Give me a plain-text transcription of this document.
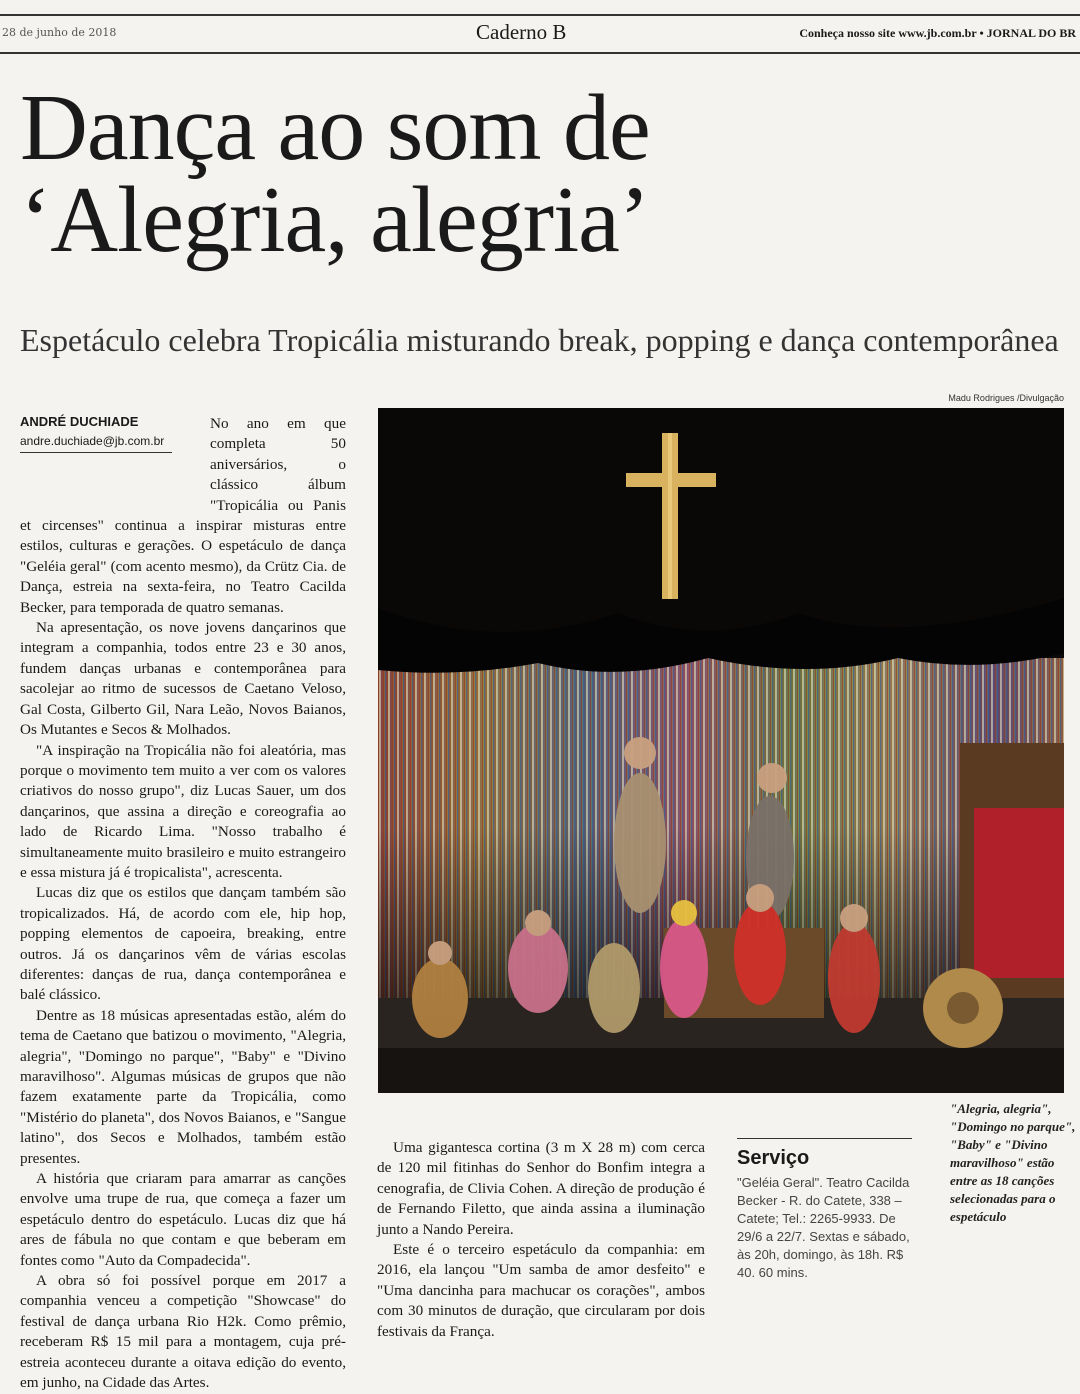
28 de junho de 2018	Caderno B	Conheça nosso site www.jb.com.br • JORNAL DO BR
Dança ao som de
‘Alegria, alegria’
Espetáculo celebra Tropicália misturando break, popping e dança contemporânea
Madu Rodrigues /Divulgação

No ano em que completa 50 aniversários, o clássico álbum "Tropicália ou Panis et circenses" continua a inspirar misturas entre estilos, culturas e gerações. O espetáculo de dança "Geléia geral" (com acento mesmo), da Crütz Cia. de Dança, estreia na sexta-feira, no Teatro Cacilda Becker, para temporada de quatro semanas.

Na apresentação, os nove jovens dançarinos que integram a companhia, todos entre 23 e 30 anos, fundem danças urbanas e contemporânea para sacolejar ao ritmo de sucessos de Caetano Veloso, Gal Costa, Gilberto Gil, Nara Leão, Novos Baianos, Os Mutantes e Secos & Molhados.

"A inspiração na Tropicália não foi aleatória, mas porque o movimento tem muito a ver com os valores criativos do nosso grupo", diz Lucas Sauer, um dos dançarinos, que assina a direção e coreografia ao lado de Ricardo Lima. "Nosso trabalho é simultaneamente muito brasileiro e muito estrangeiro e essa mistura já é tropicalista", acrescenta.

Lucas diz que os estilos que dançam também são tropicalizados. Há, de acordo com ele, hip hop, popping elementos de capoeira, breaking, entre outros. Já os dançarinos vêm de várias escolas diferentes: danças de rua, dança contemporânea e balé clássico.

Dentre as 18 músicas apresentadas estão, além do tema de Caetano que batizou o movimento, "Alegria, alegria", "Domingo no parque", "Baby" e "Divino maravilhoso". Algumas músicas de grupos que não fazem exatamente parte da Tropicália, como "Mistério do planeta", dos Novos Baianos, e "Sangue latino", dos Secos e Molhados, também estão presentes.

A história que criaram para amarrar as canções envolve uma trupe de rua, que começa a fazer um espetáculo dentro do espetáculo. Lucas diz que há ares de fábula no que contam e que beberam em fontes como "Auto da Compadecida".

A obra só foi possível porque em 2017 a companhia venceu a competição "Showcase" do festival de dança urbana Rio H2k. Como prêmio, receberam R$ 15 mil para a montagem, cuja pré-estreia aconteceu durante a oitava edição do evento, em junho, na Cidade das Artes.

ANDRÉ DUCHIADE
andre.duchiade@jb.com.br

Uma gigantesca cortina (3 m X 28 m) com cerca de 120 mil fitinhas do Senhor do Bonfim integra a cenografia, de Clivia Cohen. A direção de produção é de Fernando Filetto, que ainda assina a iluminação junto a Nando Pereira.

Este é o terceiro espetáculo da companhia: em 2016, ela lançou "Um samba de amor desfeito" e "Uma dancinha para machucar os corações", ambos com 30 minutos de duração, que circularam por dois festivais da França.

Serviço
"Geléia Geral". Teatro Cacilda Becker - R. do Catete, 338 – Catete; Tel.: 2265-9933. De 29/6 a 22/7. Sextas e sábado, às 20h, domingo, às 18h. R$ 40. 60 mins.
"Alegria, alegria", "Domingo no parque", "Baby" e "Divino maravilhoso" estão entre as 18 canções selecionadas para o espetáculo
